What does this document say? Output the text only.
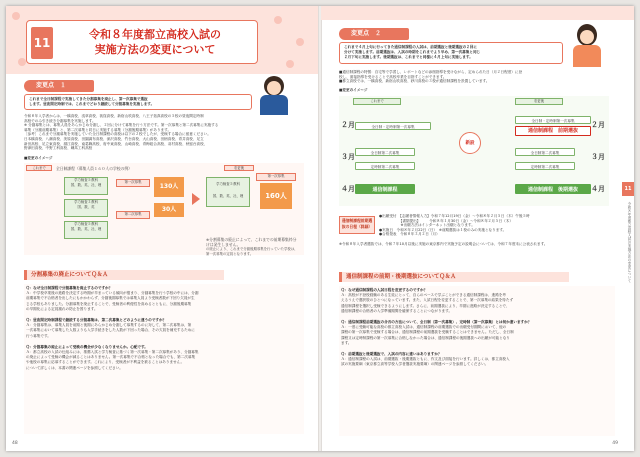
11
令和８年度都立高校入試の
実施方法の変更について
変更点　１
これまで全日制課程で実施してきた分割募集を廃止し、第一次募集で選抜
します。昼夜間定時制では、これまでどおり継続して分割募集を実施します。
令和８年入学者からは、一橋高校、浅草高校、荻窪高校、新宿山吹高校、八王子拓真高校の５校の昼夜間定時制
高校でのみ引き続き分割募集を実施します。
※ 分割募集とは、募集人員をあらかじめ分割し、２回に分けて募集を行う方法です。第一次募集と第二次募集に実施する
募集（分割前期募集）と、第二次募集と同日に実施する募集（分割後期募集）があります。
［参考］これまで分割募集を実施していた全日制課程の高校は以下の２校でしたが、受検する場合に留意ください。
日本橋高校、八潮高校、美原高校、田園調布高校、深沢高校、竹台高校、大山高校、田柄高校、青井高校、足立
新田高校、足立東高校、淵江高校、南葛飾高校、府中東高校、山崎高校、青梅総合高校、羽村高校、秋留台高校、
野津田高校、中野工科高校、練馬工科高校
■変更のイメージ
これまで	全日制課程（募集人員１６０人の学校の例）	変更後
学力検査５教科
国、数、英、社、理
学力検査３教科
国、数、英
学力検査５教科
国、数、英、社、理
第一次募集
第二次募集
130人
30人
学力検査５教科
国、数、英、社、理
第一次募集
160人
※分割募集の廃止によって、これまでの前期募集枠分けは発生しません。
の廃止により、これまで分割後期募集を行っていた学校は、第一次募集の定員となります。
分割募集の廃止についてＱ＆Ａ
Ｑ：なぜ全日制課程で分割募集を廃止するのですか？
Ａ：中学校卒業後の進路を決定する時期が早まっている傾向が強まり、分割募集を行う学校の中には、分割
前期募集で不合格者を出したにもかかわらず、分割後期募集では募集人員より受検者数が下回り欠員が生
じる学校もありました。分割募集を廃止することで、受検者の利便性を高めるとともに、分割後期募集
の早期化による定員割れの防止を図ります。
Ｑ：昼夜間定時制課程で継続する分割募集は、第二次募集とどのように違うのですか？
Ａ：分割募集は、募集人員を前期と後期にあらかじめ分割して募集するのに対して、第二次募集は、第
一次募集において募集した人数よりも入学手続きをした人数が下回った場合、その欠員を補充するために
行う募集です。
Ｑ：分割募集の廃止によって受検の機会が少なくなりませんか。心配です。
Ａ：都立高校の入試の仕組みには、推薦入試と学力検査に基づく第一次募集・第二次募集があり、分割募集
の廃止によって受検の機会が減ることはありません。第一次募集で不合格となった場合でも、第二次募集
や他校の募集に応募することができます。これにより、受検者が不利益を被ることはありません。
について詳しくは、本書の関連ページを参照してください。
48
変更点　２
これまで４月上旬に行ってきた通信制課程の入試は、前期選抜と後期選抜の２回に
分けて実施します。前期選抜は、入試の時期をこれまでより早め、第一次募集と同じ
２月下旬に実施します。後期選抜は、これまでと同様に４月上旬に実施します。
■通信制課程の特徴：自宅等で学習し、レポートなどの添削指導を受けながら、定められた日（月２日程度）に登
校し、面接指導を受けることで高校卒業を目指すことができます。
■都立高校では、一橋高校、新宿山吹高校、砂川高校の３校が通信制課程を設置しています。
■変更のイメージ
これまで	変更後
２月
３月
４月
２月
３月
４月
全日制・定時制第一次募集
全日制第二次募集
定時制第二次募集
通信制課程
新設
全日制・定時制第一次募集
通信制課程　前期選抜
全日制第二次募集
定時制第二次募集
通信制課程　後期選抜
通信制課程前期選抜の日程（詳細）
●出願受付　【志願者情報入力】令和７年12月19日（金）～令和８年２月５日（木）午後５時
　　　　　　【書類提出】　　　令和８年１月30日（金）～令和８年２月５日（木）
　　　　　　※出願方法はインターネット出願となります。
●実施日　令和８年２月22日（日）　※前期選抜は１校のみの実施となります。
●合格発表　令和８年３月２日（月）
※令和８年入学者選抜では、令和７年10月以後に実施の東京都内で実施予定の説明会については、令和７年度末に公表されます。
通信制課程の前期・後期選抜についてＱ＆Ａ
Ｑ：なぜ通信制課程の入試日程を変更するのですか？
Ａ：高校が不登校経験のある生徒にとって、自らのペースで学ぶことができる通信制課程は、進路を考
えるうえで選択肢のひとつになっています。また、入試日程を変更することで、第一次募集の結果を待たず
通信制課程を選択し受検できるようにします。さらに、前期選抜により、早期に進路が決定することで、
通信制課程の合格者の入学準備期間を確保することにつながります。
Ｑ：通信制課程前期選抜の合否の方法について、全日制（第一次募集）、定時制（第一次募集）とは何か違いますか？
Ａ：一度に受験可能な高校の都立高校入試は、通信制課程の前期選抜での出願受付期間において、他の
課程の第一次募集で受検する場合は、通信制課程の前期選抜を受験することはできません。ただし、全日制
課程又は定時制課程の第一次募集に合格しなかった場合は、通信制課程の後期選抜への出願が可能となり
ます。
Ｑ：前期選抜と後期選抜で、入試の内容に違いはありますか？
Ａ：通信制課程の入試は、前期選抜・後期選抜ともに、作文及び面接を行います。詳しくは、都立高校入
試の実施要綱（東京都立高等学校入学者選抜実施要綱）の関連ページを参照してください。
11
令和８年度都立高校入試の実施方法の変更について
49
